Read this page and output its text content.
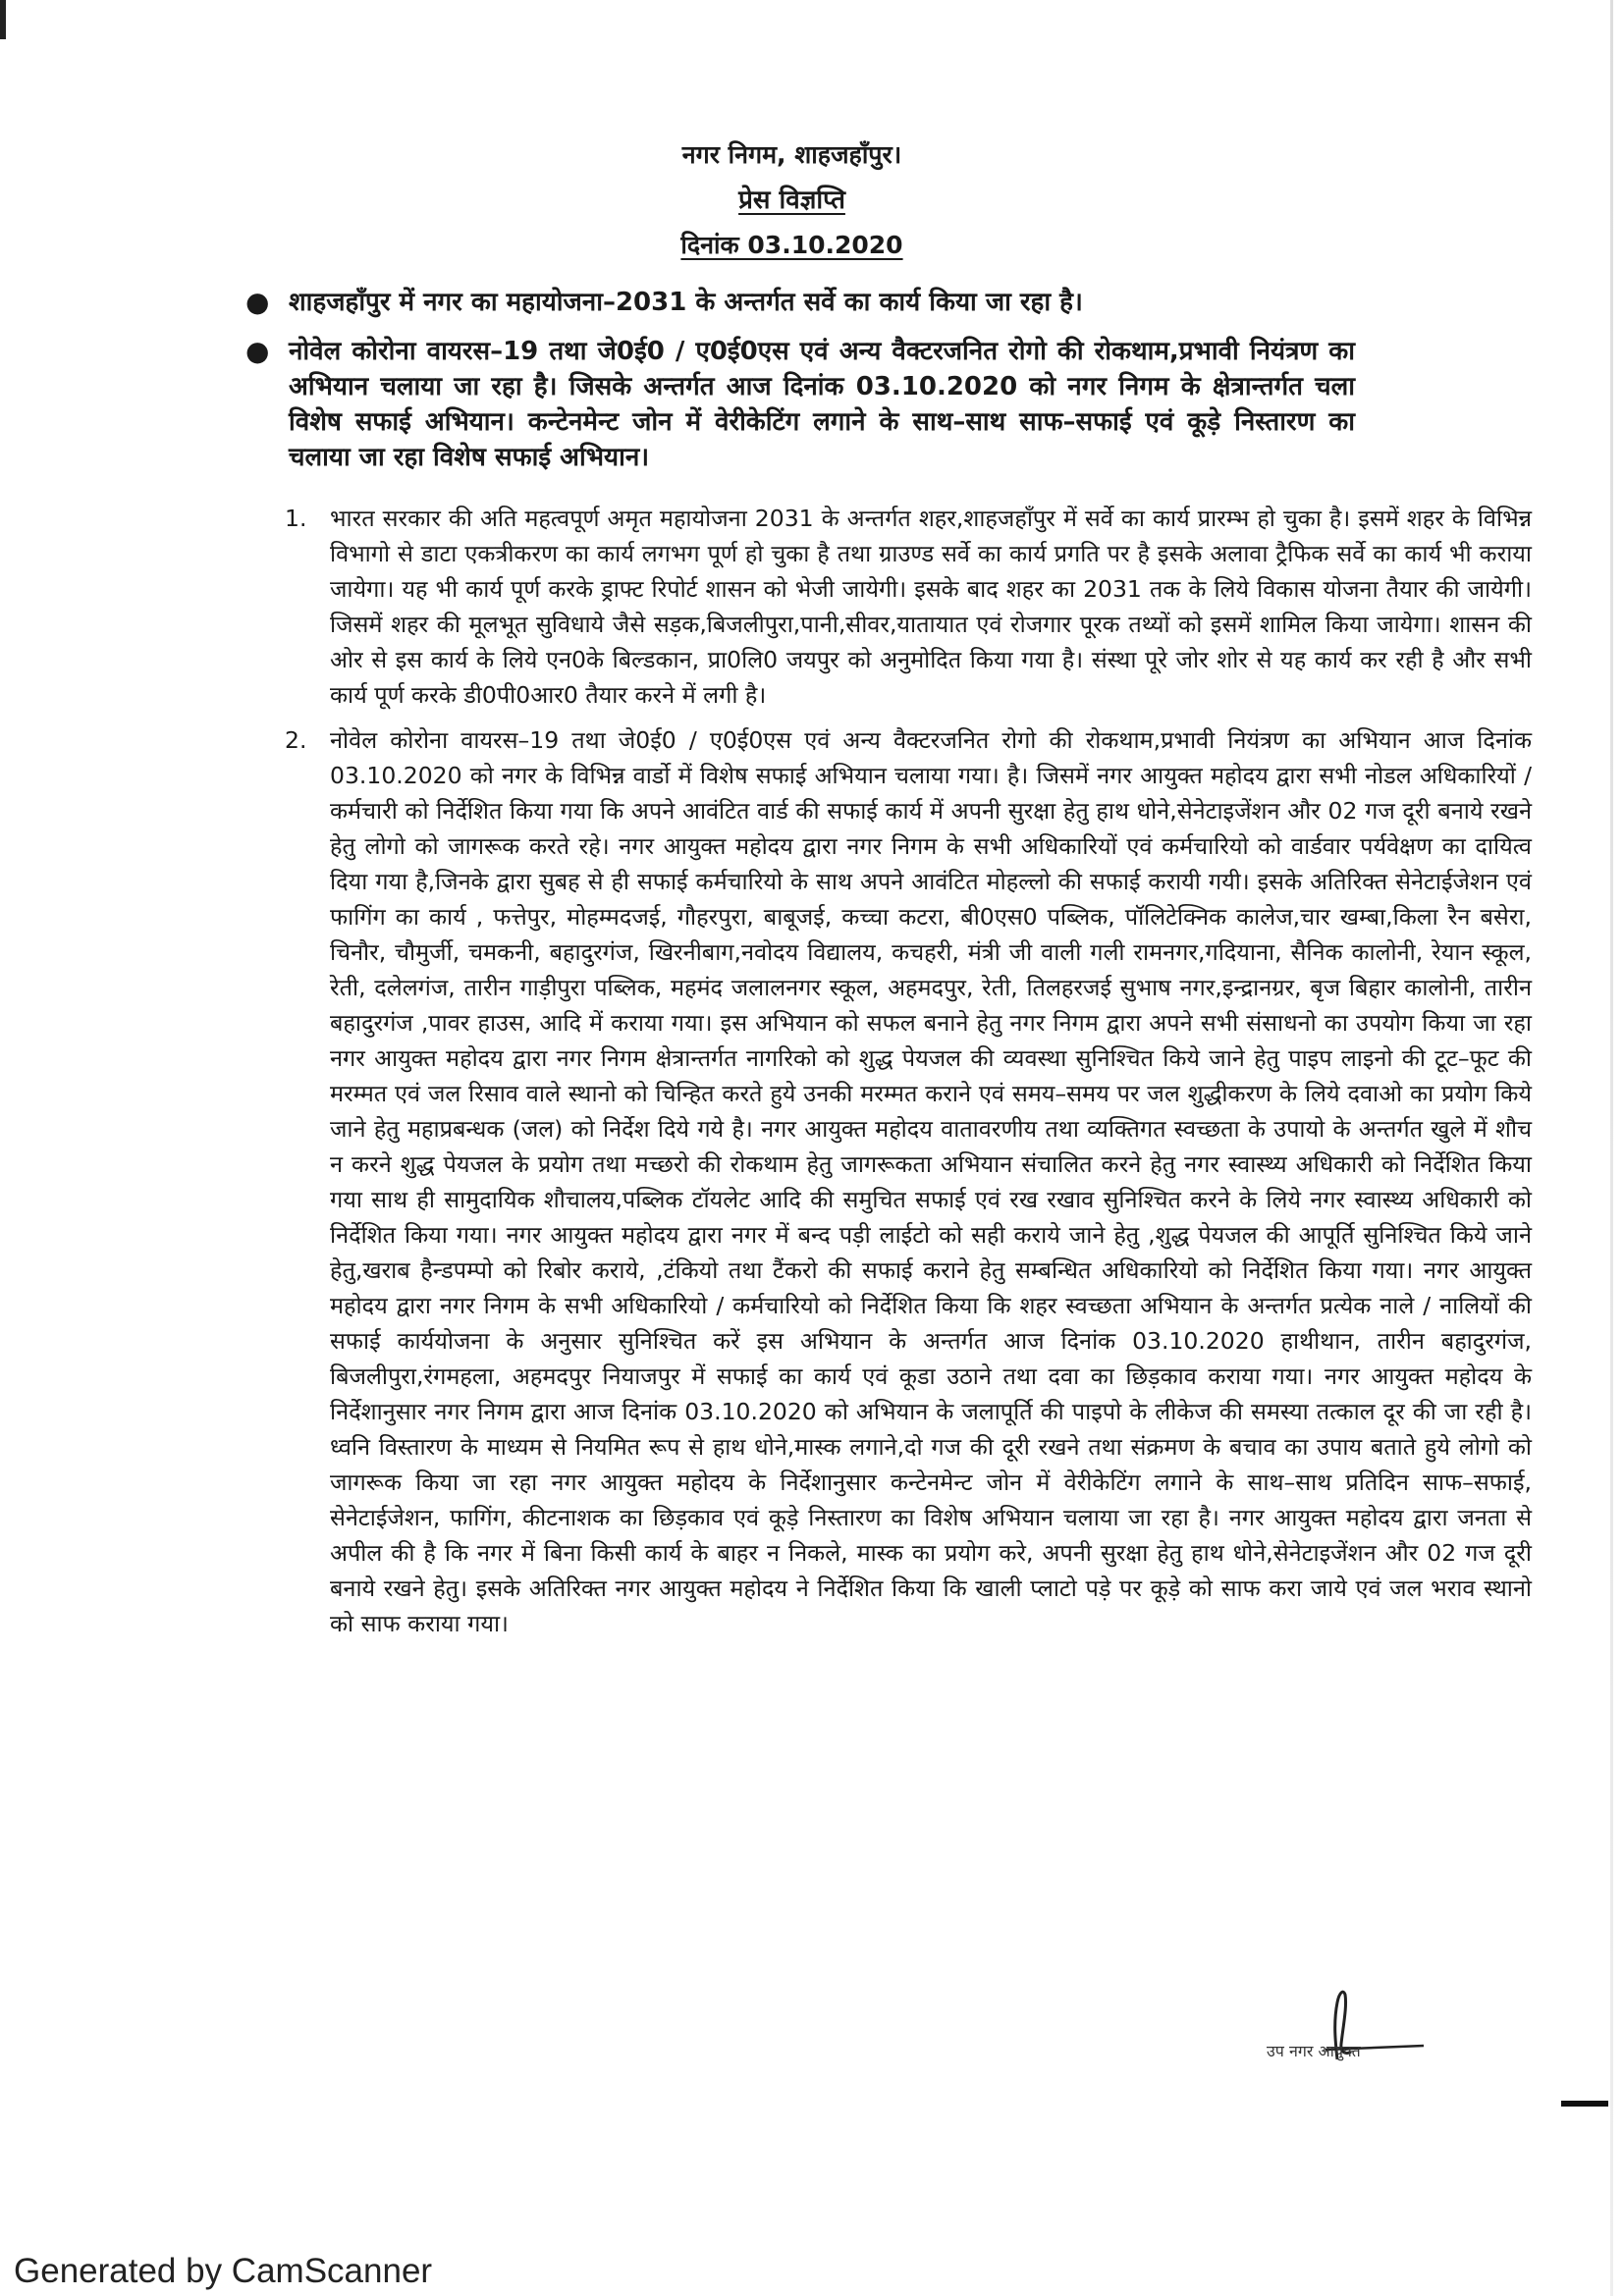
नगर निगम, शाहजहाँपुर।
प्रेस विज्ञप्ति
दिनांक 03.10.2020
● शाहजहाँपुर में नगर का महायोजना–2031 के अन्तर्गत सर्वे का कार्य किया जा रहा है।
● नोवेल कोरोना वायरस–19 तथा जे0ई0 / ए0ई0एस एवं अन्य वैक्टरजनित रोगो की रोकथाम,प्रभावी नियंत्रण का अभियान चलाया जा रहा है। जिसके अन्तर्गत आज दिनांक 03.10.2020 को नगर निगम के क्षेत्रान्तर्गत चला विशेष सफाई अभियान। कन्टेनमेन्ट जोन में वेरीकेटिंग लगाने के साथ–साथ साफ–सफाई एवं कूड़े निस्तारण का चलाया जा रहा विशेष सफाई अभियान।
1. भारत सरकार की अति महत्वपूर्ण अमृत महायोजना 2031 के अन्तर्गत शहर,शाहजहाँपुर में सर्वे का कार्य प्रारम्भ हो चुका है। इसमें शहर के विभिन्न विभागो से डाटा एकत्रीकरण का कार्य लगभग पूर्ण हो चुका है तथा ग्राउण्ड सर्वे का कार्य प्रगति पर है इसके अलावा ट्रैफिक सर्वे का कार्य भी कराया जायेगा। यह भी कार्य पूर्ण करके ड्राफ्ट रिपोर्ट शासन को भेजी जायेगी। इसके बाद शहर का 2031 तक के लिये विकास योजना तैयार की जायेगी। जिसमें शहर की मूलभूत सुविधाये जैसे सड़क,बिजलीपुरा,पानी,सीवर,यातायात एवं रोजगार पूरक तथ्यों को इसमें शामिल किया जायेगा। शासन की ओर से इस कार्य के लिये एन0के बिल्डकान, प्रा0लि0 जयपुर को अनुमोदित किया गया है। संस्था पूरे जोर शोर से यह कार्य कर रही है और सभी कार्य पूर्ण करके डी0पी0आर0 तैयार करने में लगी है।
2. नोवेल कोरोना वायरस–19 तथा जे0ई0 / ए0ई0एस एवं अन्य वैक्टरजनित रोगो की रोकथाम,प्रभावी नियंत्रण का अभियान आज दिनांक 03.10.2020 को नगर के विभिन्न वार्डो में विशेष सफाई अभियान चलाया गया। है। जिसमें नगर आयुक्त महोदय द्वारा सभी नोडल अधिकारियों / कर्मचारी को निर्देशित किया गया कि अपने आवंटित वार्ड की सफाई कार्य में अपनी सुरक्षा हेतु हाथ धोने,सेनेटाइजेंशन और 02 गज दूरी बनाये रखने हेतु लोगो को जागरूक करते रहे। नगर आयुक्त महोदय द्वारा नगर निगम के सभी अधिकारियों एवं कर्मचारियो को वार्डवार पर्यवेक्षण का दायित्व दिया गया है,जिनके द्वारा सुबह से ही सफाई कर्मचारियो के साथ अपने आवंटित मोहल्लो की सफाई करायी गयी। इसके अतिरिक्त सेनेटाईजेशन एवं फागिंग का कार्य , फत्तेपुर, मोहम्मदजई, गौहरपुरा, बाबूजई, कच्चा कटरा, बी0एस0 पब्लिक, पॉलिटेक्निक कालेज,चार खम्बा,किला रैन बसेरा, चिनौर, चौमुर्जी, चमकनी, बहादुरगंज, खिरनीबाग,नवोदय विद्यालय, कचहरी, मंत्री जी वाली गली रामनगर,गदियाना, सैनिक कालोनी, रेयान स्कूल, रेती, दलेलगंज, तारीन गाड़ीपुरा पब्लिक, महमंद जलालनगर स्कूल, अहमदपुर, रेती, तिलहरजई सुभाष नगर,इन्द्रानग्रर, बृज बिहार कालोनी, तारीन बहादुरगंज ,पावर हाउस, आदि में कराया गया। इस अभियान को सफल बनाने हेतु नगर निगम द्वारा अपने सभी संसाधनो का उपयोग किया जा रहा नगर आयुक्त महोदय द्वारा नगर निगम क्षेत्रान्तर्गत नागरिको को शुद्ध पेयजल की व्यवस्था सुनिश्चित किये जाने हेतु पाइप लाइनो की टूट–फूट की मरम्मत एवं जल रिसाव वाले स्थानो को चिन्हित करते हुये उनकी मरम्मत कराने एवं समय–समय पर जल शुद्धीकरण के लिये दवाओ का प्रयोग किये जाने हेतु महाप्रबन्धक (जल) को निर्देश दिये गये है। नगर आयुक्त महोदय वातावरणीय तथा व्यक्तिगत स्वच्छता के उपायो के अन्तर्गत खुले में शौच न करने शुद्ध पेयजल के प्रयोग तथा मच्छरो की रोकथाम हेतु जागरूकता अभियान संचालित करने हेतु नगर स्वास्थ्य अधिकारी को निर्देशित किया गया साथ ही सामुदायिक शौचालय,पब्लिक टॉयलेट आदि की समुचित सफाई एवं रख रखाव सुनिश्चित करने के लिये नगर स्वास्थ्य अधिकारी को निर्देशित किया गया। नगर आयुक्त महोदय द्वारा नगर में बन्द पड़ी लाईटो को सही कराये जाने हेतु ,शुद्ध पेयजल की आपूर्ति सुनिश्चित किये जाने हेतु,खराब हैन्डपम्पो को रिबोर कराये, ,टंकियो तथा टैंकरो की सफाई कराने हेतु सम्बन्धित अधिकारियो को निर्देशित किया गया। नगर आयुक्त महोदय द्वारा नगर निगम के सभी अधिकारियो / कर्मचारियो को निर्देशित किया कि शहर स्वच्छता अभियान के अन्तर्गत प्रत्येक नाले / नालियों की सफाई कार्ययोजना के अनुसार सुनिश्चित करें इस अभियान के अन्तर्गत आज दिनांक 03.10.2020 हाथीथान, तारीन बहादुरगंज, बिजलीपुरा,रंगमहला, अहमदपुर नियाजपुर में सफाई का कार्य एवं कूडा उठाने तथा दवा का छिड़काव कराया गया। नगर आयुक्त महोदय के निर्देशानुसार नगर निगम द्वारा आज दिनांक 03.10.2020 को अभियान के जलापूर्ति की पाइपो के लीकेज की समस्या तत्काल दूर की जा रही है। ध्वनि विस्तारण के माध्यम से नियमित रूप से हाथ धोने,मास्क लगाने,दो गज की दूरी रखने तथा संक्रमण के बचाव का उपाय बताते हुये लोगो को जागरूक किया जा रहा नगर आयुक्त महोदय के निर्देशानुसार कन्टेनमेन्ट जोन में वेरीकेटिंग लगाने के साथ–साथ प्रतिदिन साफ–सफाई, सेनेटाईजेशन, फागिंग, कीटनाशक का छिड़काव एवं कूड़े निस्तारण का विशेष अभियान चलाया जा रहा है। नगर आयुक्त महोदय द्वारा जनता से अपील की है कि नगर में बिना किसी कार्य के बाहर न निकले, मास्क का प्रयोग करे, अपनी सुरक्षा हेतु हाथ धोने,सेनेटाइजेंशन और 02 गज दूरी बनाये रखने हेतु। इसके अतिरिक्त नगर आयुक्त महोदय ने निर्देशित किया कि खाली प्लाटो पड़े पर कूड़े को साफ करा जाये एवं जल भराव स्थानो को साफ कराया गया।
उप नगर आयुक्त
Generated by CamScanner
